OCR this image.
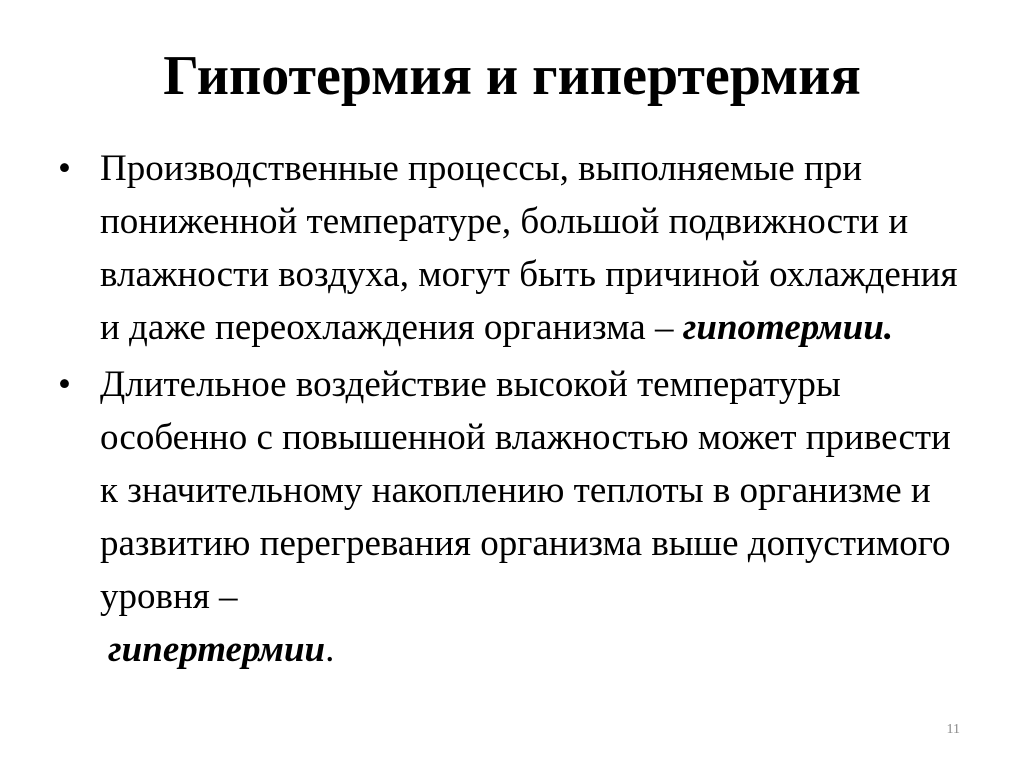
Гипотермия и гипертермия
• Производственные процессы, выполняемые при пониженной температуре, большой подвижности и влажности воздуха, могут быть причиной охлаждения и даже переохлаждения организма – гипотермии.
• Длительное воздействие высокой температуры особенно с повышенной влажностью может привести к значительному накоплению теплоты в организме и развитию перегревания организма выше допустимого уровня –
гипертермии.
11
